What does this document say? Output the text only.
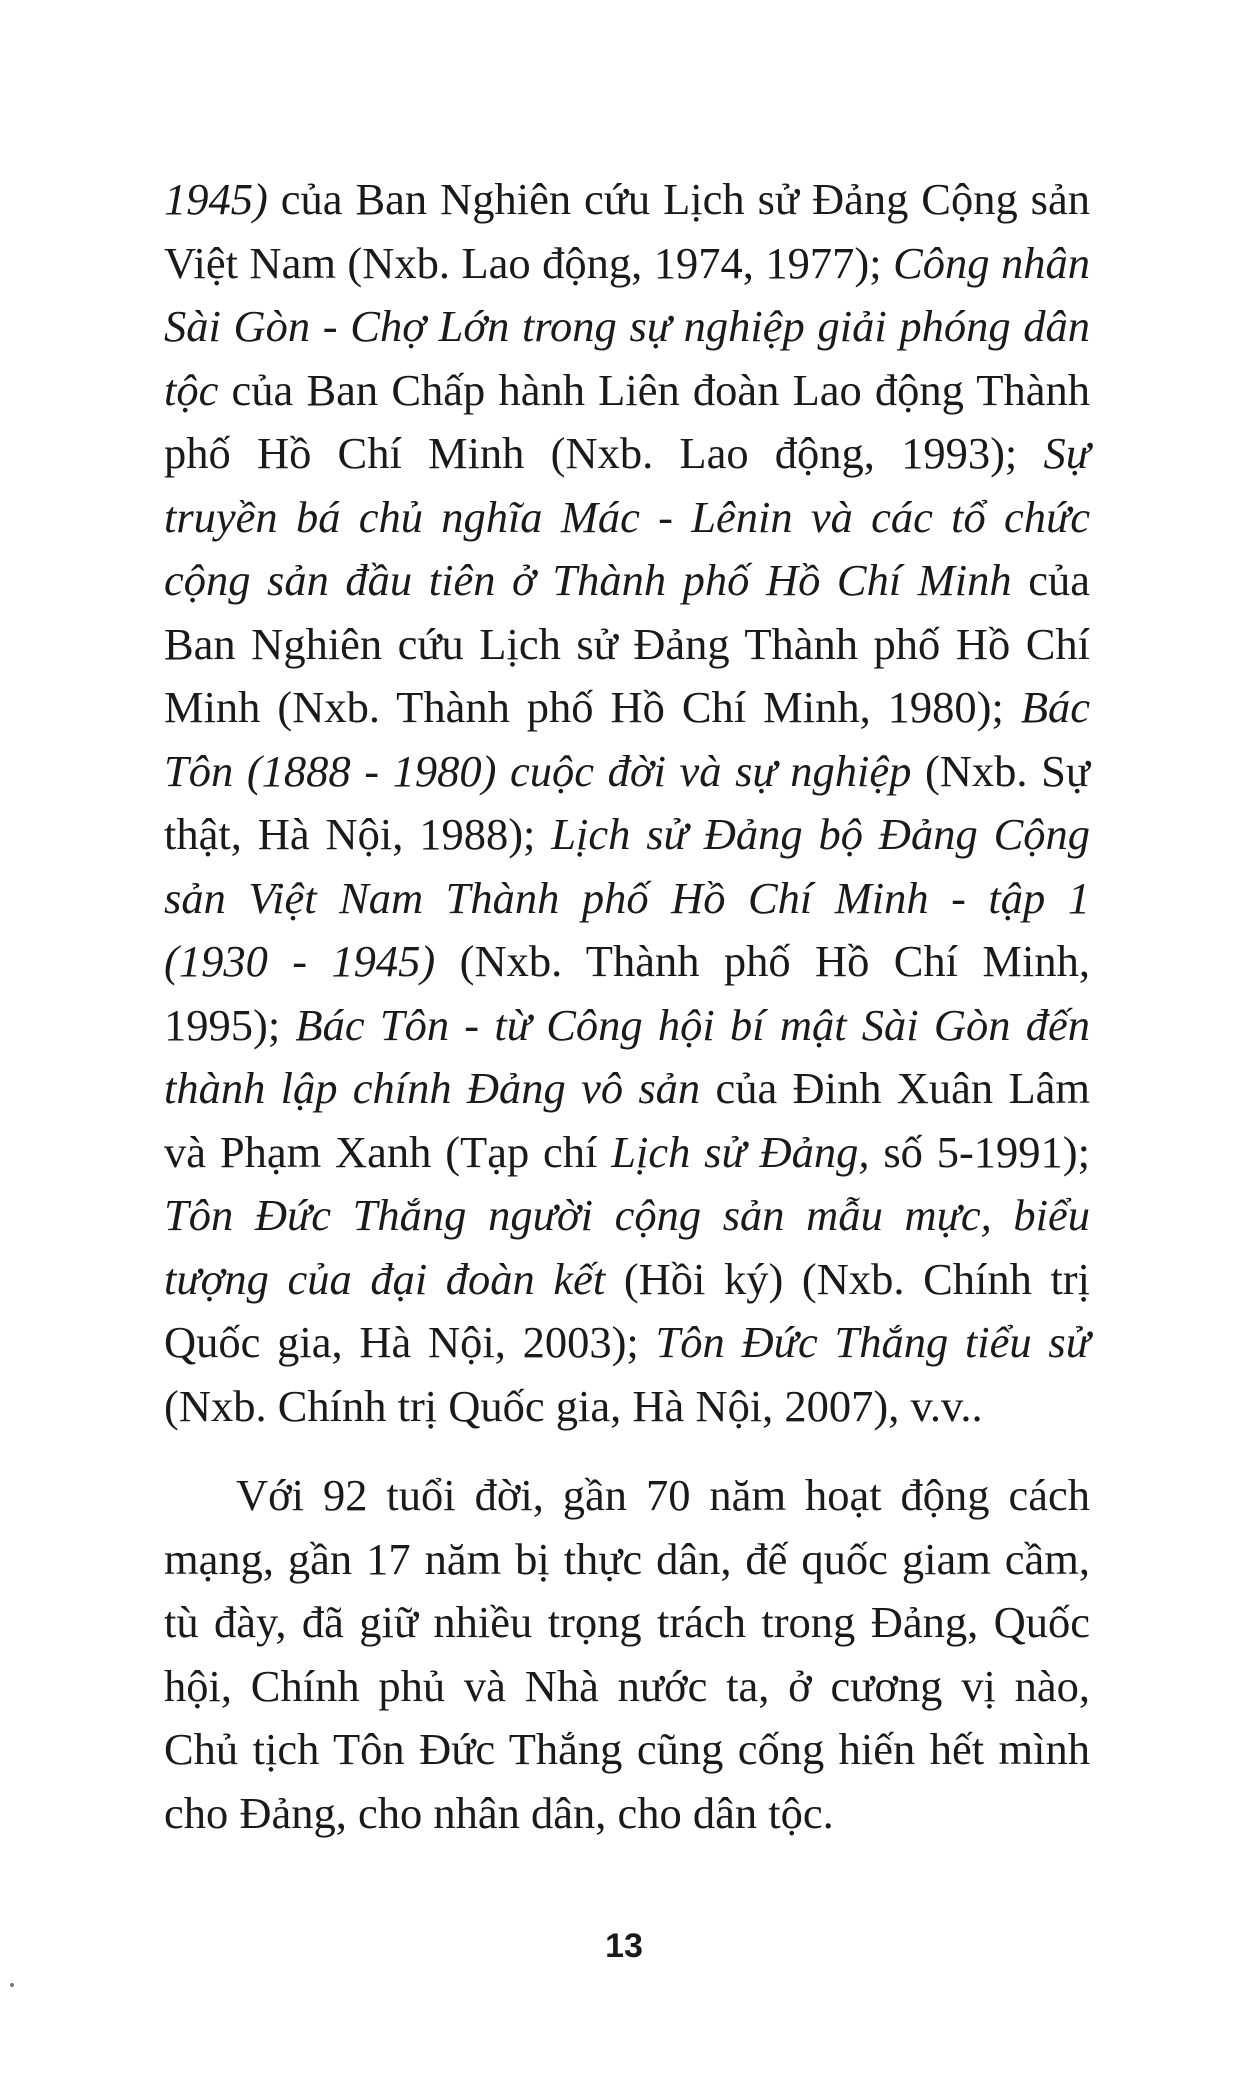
1945) của Ban Nghiên cứu Lịch sử Đảng Cộng sản Việt Nam (Nxb. Lao động, 1974, 1977); Công nhân Sài Gòn - Chợ Lớn trong sự nghiệp giải phóng dân tộc của Ban Chấp hành Liên đoàn Lao động Thành phố Hồ Chí Minh (Nxb. Lao động, 1993); Sự truyền bá chủ nghĩa Mác - Lênin và các tổ chức cộng sản đầu tiên ở Thành phố Hồ Chí Minh của Ban Nghiên cứu Lịch sử Đảng Thành phố Hồ Chí Minh (Nxb. Thành phố Hồ Chí Minh, 1980); Bác Tôn (1888 - 1980) cuộc đời và sự nghiệp (Nxb. Sự thật, Hà Nội, 1988); Lịch sử Đảng bộ Đảng Cộng sản Việt Nam Thành phố Hồ Chí Minh - tập 1 (1930 - 1945) (Nxb. Thành phố Hồ Chí Minh, 1995); Bác Tôn - từ Công hội bí mật Sài Gòn đến thành lập chính Đảng vô sản của Đinh Xuân Lâm và Phạm Xanh (Tạp chí Lịch sử Đảng, số 5-1991); Tôn Đức Thắng người cộng sản mẫu mực, biểu tượng của đại đoàn kết (Hồi ký) (Nxb. Chính trị Quốc gia, Hà Nội, 2003); Tôn Đức Thắng tiểu sử (Nxb. Chính trị Quốc gia, Hà Nội, 2007), v.v..

Với 92 tuổi đời, gần 70 năm hoạt động cách mạng, gần 17 năm bị thực dân, đế quốc giam cầm, tù đày, đã giữ nhiều trọng trách trong Đảng, Quốc hội, Chính phủ và Nhà nước ta, ở cương vị nào, Chủ tịch Tôn Đức Thắng cũng cống hiến hết mình cho Đảng, cho nhân dân, cho dân tộc.

13
